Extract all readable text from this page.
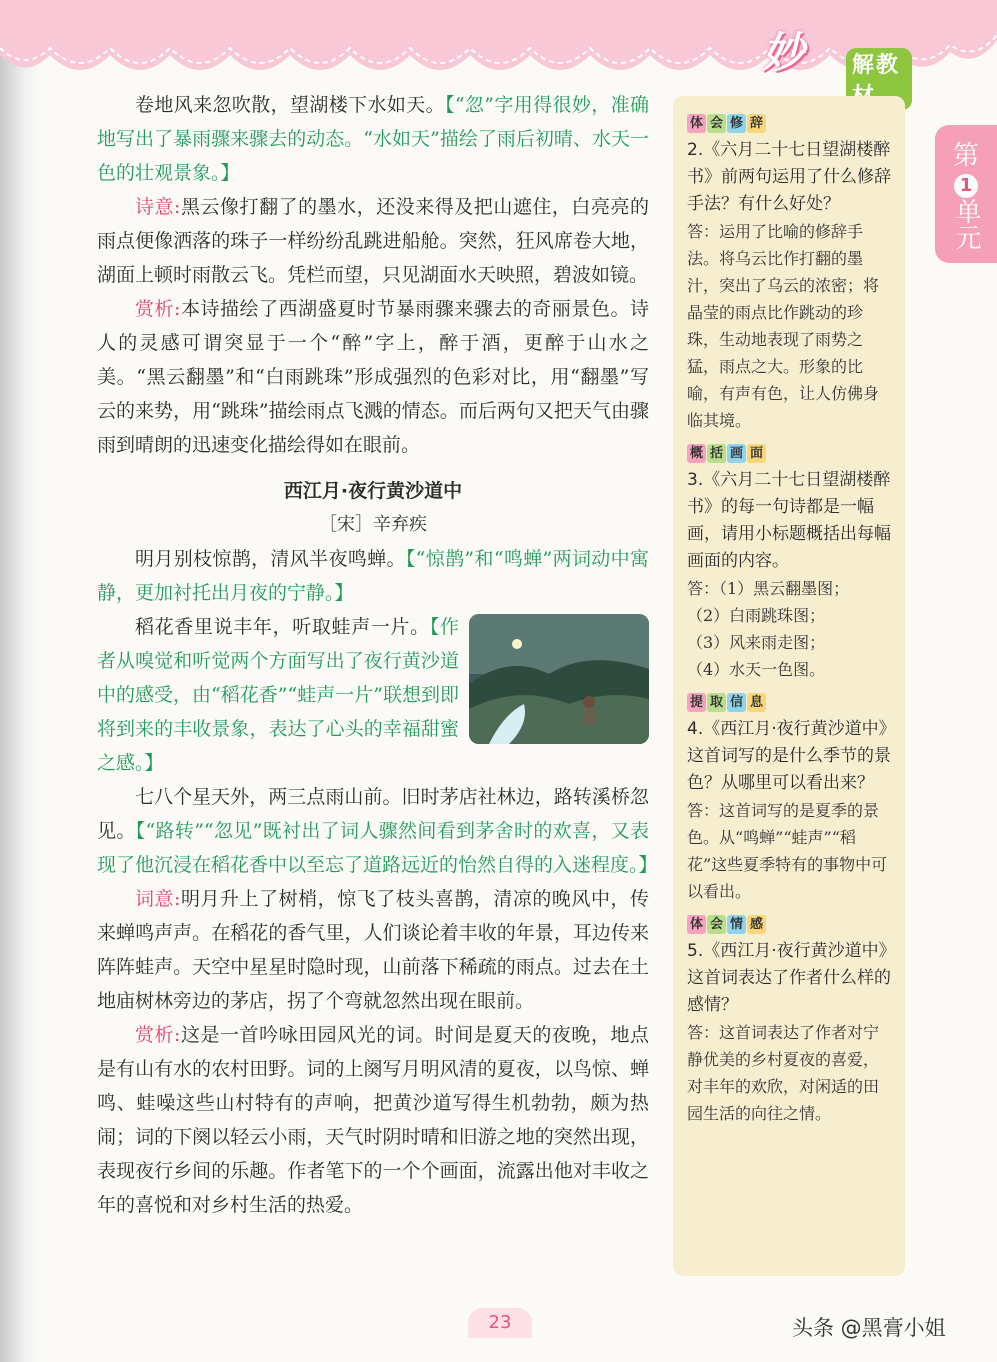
妙 解教
第
1
单元

卷地风来忽吹散，望湖楼下水如天。【“忽”字用得很妙，准确地写出了暴雨骤来骤去的动态。“水如天”描绘了雨后初晴、水天一色的壮观景象。】

诗意:黑云像打翻了的墨水，还没来得及把山遮住，白亮亮的雨点便像洒落的珠子一样纷纷乱跳进船舱。突然，狂风席卷大地，湖面上顿时雨散云飞。凭栏而望，只见湖面水天映照，碧波如镜。

赏析:本诗描绘了西湖盛夏时节暴雨骤来骤去的奇丽景色。诗人的灵感可谓突显于一个“醉”字上，醉于酒，更醉于山水之美。“黑云翻墨”和“白雨跳珠”形成强烈的色彩对比，用“翻墨”写云的来势，用“跳珠”描绘雨点飞溅的情态。而后两句又把天气由骤雨到晴朗的迅速变化描绘得如在眼前。

西江月·夜行黄沙道中

［宋］辛弃疾

明月别枝惊鹊，清风半夜鸣蝉。【“惊鹊”和“鸣蝉”两词动中寓静，更加衬托出月夜的宁静。】

稻花香里说丰年，听取蛙声一片。【作者从嗅觉和听觉两个方面写出了夜行黄沙道中的感受，由“稻花香”“蛙声一片”联想到即将到来的丰收景象，表达了心头的幸福甜蜜之感。】

七八个星天外，两三点雨山前。旧时茅店社林边，路转溪桥忽见。【“路转”“忽见”既衬出了词人骤然间看到茅舍时的欢喜，又表现了他沉浸在稻花香中以至忘了道路远近的怡然自得的入迷程度。】

词意:明月升上了树梢，惊飞了枝头喜鹊，清凉的晚风中，传来蝉鸣声声。在稻花的香气里，人们谈论着丰收的年景，耳边传来阵阵蛙声。天空中星星时隐时现，山前落下稀疏的雨点。过去在土地庙树林旁边的茅店，拐了个弯就忽然出现在眼前。

赏析:这是一首吟咏田园风光的词。时间是夏天的夜晚，地点是有山有水的农村田野。词的上阕写月明风清的夏夜，以鸟惊、蝉鸣、蛙噪这些山村特有的声响，把黄沙道写得生机勃勃，颇为热闹；词的下阕以轻云小雨，天气时阴时晴和旧游之地的突然出现，表现夜行乡间的乐趣。作者笔下的一个个画面，流露出他对丰收之年的喜悦和对乡村生活的热爱。

体 会 修 辞

2.《六月二十七日望湖楼醉书》前两句运用了什么修辞手法？有什么好处？

答：运用了比喻的修辞手法。将乌云比作打翻的墨汁，突出了乌云的浓密；将晶莹的雨点比作跳动的珍珠，生动地表现了雨势之猛，雨点之大。形象的比喻，有声有色，让人仿佛身临其境。

概 括 画 面

3.《六月二十七日望湖楼醉书》的每一句诗都是一幅画，请用小标题概括出每幅画面的内容。

答：（1）黑云翻墨图；
（2）白雨跳珠图；
（3）风来雨走图；
（4）水天一色图。

提 取 信 息

4.《西江月·夜行黄沙道中》这首词写的是什么季节的景色？从哪里可以看出来？

答：这首词写的是夏季的景色。从“鸣蝉”“蛙声”“稻花”这些夏季特有的事物中可以看出。

体 会 情 感

5.《西江月·夜行黄沙道中》这首词表达了作者什么样的感情？

答：这首词表达了作者对宁静优美的乡村夏夜的喜爱，对丰年的欢欣，对闲适的田园生活的向往之情。

23	头条 @黑膏小姐
